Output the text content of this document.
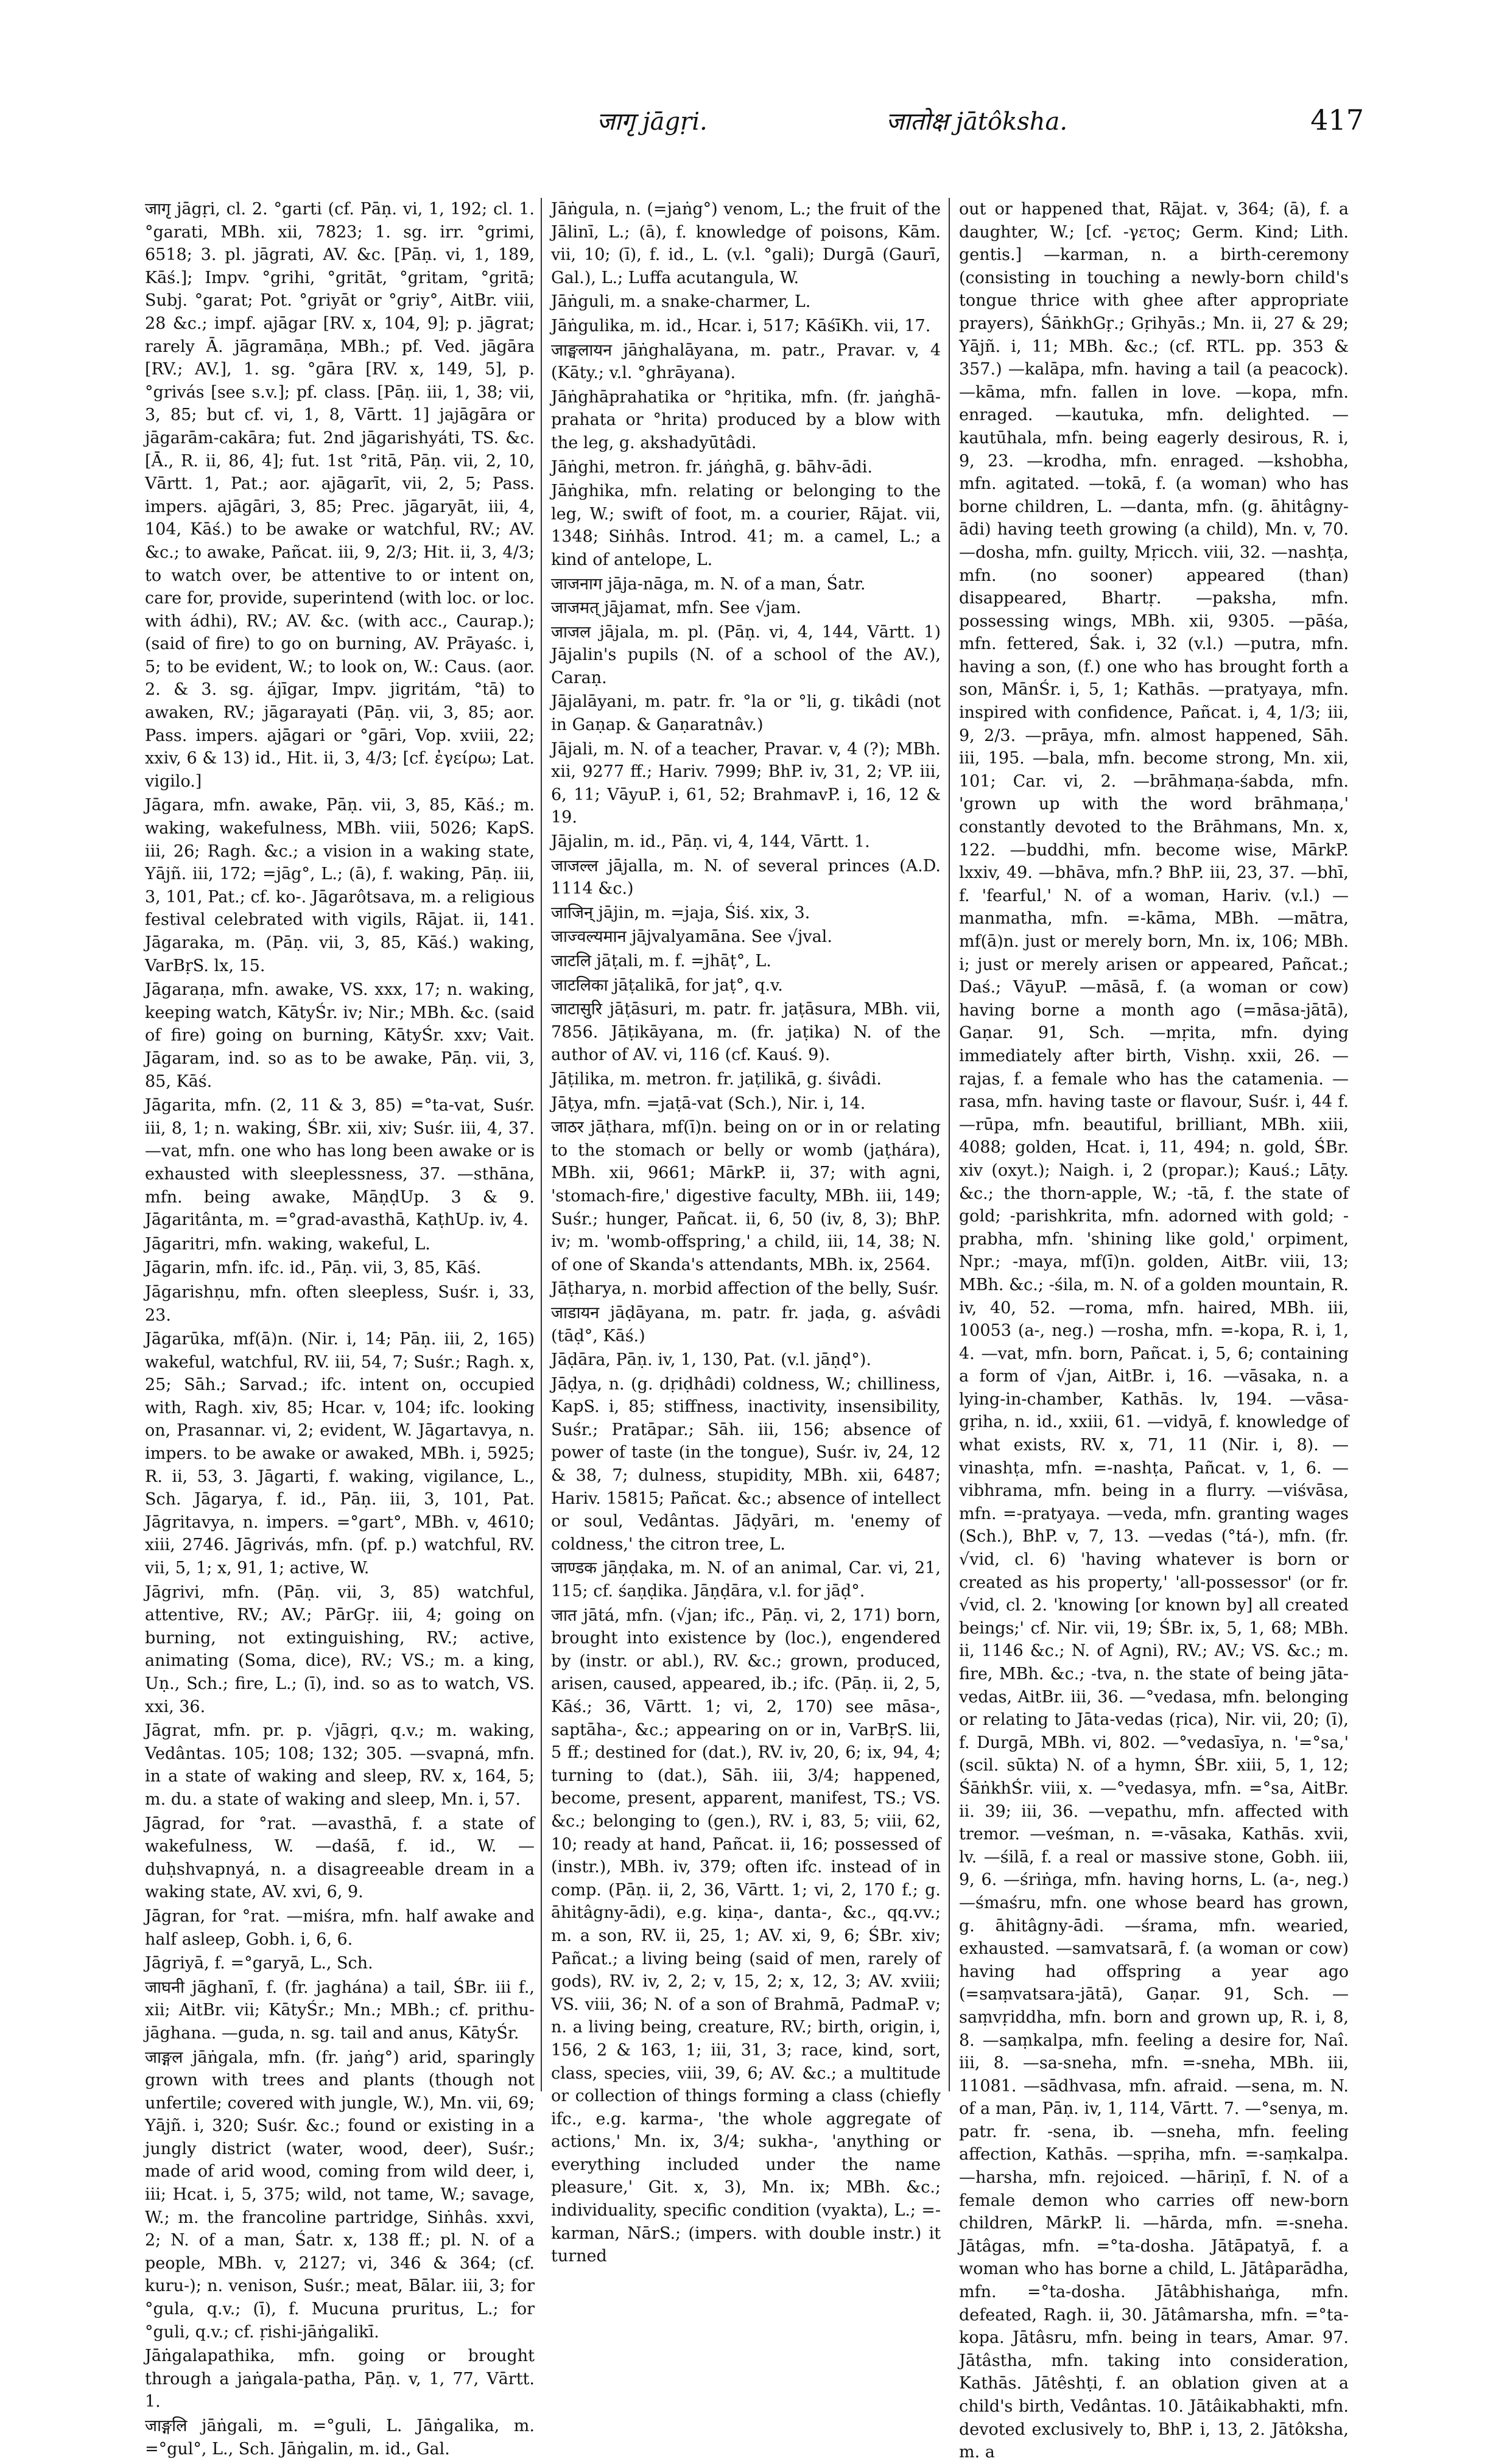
जागृ jāgṛi.	जातोक्ष jātôksha.	417

जागृ jāgṛi, cl. 2. °garti (cf. Pāṇ. vi, 1, 192; cl. 1. °garati, MBh. xii, 7823; 1. sg. irr. °grimi, 6518; 3. pl. jāgrati, AV. &c. [Pāṇ. vi, 1, 189, Kāś.]; Impv. °grihi, °gritāt, °gritam, °gritā; Subj. °garat; Pot. °griyāt or °griy°, AitBr. viii, 28 &c.; impf. ajāgar [RV. x, 104, 9]; p. jāgrat; rarely Ā. jāgramāṇa, MBh.; pf. Ved. jāgāra [RV.; AV.], 1. sg. °gāra [RV. x, 149, 5], p. °grivás [see s.v.]; pf. class. [Pāṇ. iii, 1, 38; vii, 3, 85; but cf. vi, 1, 8, Vārtt. 1] jajāgāra or jāgarām-cakāra; fut. 2nd jāgarishyáti, TS. &c. [Ā., R. ii, 86, 4]; fut. 1st °ritā, Pāṇ. vii, 2, 10, Vārtt. 1, Pat.; aor. ajāgarīt, vii, 2, 5; Pass. impers. ajāgāri, 3, 85; Prec. jāgaryāt, iii, 4, 104, Kāś.) to be awake or watchful, RV.; AV. &c.; to awake, Pañcat. iii, 9, 2/3; Hit. ii, 3, 4/3; to watch over, be attentive to or intent on, care for, provide, superintend (with loc. or loc. with ádhi), RV.; AV. &c. (with acc., Caurap.); (said of fire) to go on burning, AV. Prāyaśc. i, 5; to be evident, W.; to look on, W.: Caus. (aor. 2. & 3. sg. ájīgar, Impv. jigritám, °tā) to awaken, RV.; jāgarayati (Pāṇ. vii, 3, 85; aor. Pass. impers. ajāgari or °gāri, Vop. xviii, 22; xxiv, 6 & 13) id., Hit. ii, 3, 4/3; [cf. ἐγείρω; Lat. vigilo.]

Jāgara, mfn. awake, Pāṇ. vii, 3, 85, Kāś.; m. waking, wakefulness, MBh. viii, 5026; KapS. iii, 26; Ragh. &c.; a vision in a waking state, Yājñ. iii, 172; =jāg°, L.; (ā), f. waking, Pāṇ. iii, 3, 101, Pat.; cf. ko-. Jāgarôtsava, m. a religious festival celebrated with vigils, Rājat. ii, 141. Jāgaraka, m. (Pāṇ. vii, 3, 85, Kāś.) waking, VarBṛS. lx, 15.

Jāgaraṇa, mfn. awake, VS. xxx, 17; n. waking, keeping watch, KātyŚr. iv; Nir.; MBh. &c. (said of fire) going on burning, KātyŚr. xxv; Vait. Jāgaram, ind. so as to be awake, Pāṇ. vii, 3, 85, Kāś.

Jāgarita, mfn. (2, 11 & 3, 85) =°ta-vat, Suśr. iii, 8, 1; n. waking, ŚBr. xii, xiv; Suśr. iii, 4, 37. —vat, mfn. one who has long been awake or is exhausted with sleeplessness, 37. —sthāna, mfn. being awake, MāṇḍUp. 3 & 9. Jāgaritânta, m. =°grad-avasthā, KaṭhUp. iv, 4.

Jāgaritri, mfn. waking, wakeful, L.

Jāgarin, mfn. ifc. id., Pāṇ. vii, 3, 85, Kāś.

Jāgarishṇu, mfn. often sleepless, Suśr. i, 33, 23.

Jāgarūka, mf(ā)n. (Nir. i, 14; Pāṇ. iii, 2, 165) wakeful, watchful, RV. iii, 54, 7; Suśr.; Ragh. x, 25; Sāh.; Sarvad.; ifc. intent on, occupied with, Ragh. xiv, 85; Hcar. v, 104; ifc. looking on, Prasannar. vi, 2; evident, W. Jāgartavya, n. impers. to be awake or awaked, MBh. i, 5925; R. ii, 53, 3. Jāgarti, f. waking, vigilance, L., Sch. Jāgarya, f. id., Pāṇ. iii, 3, 101, Pat. Jāgritavya, n. impers. =°gart°, MBh. v, 4610; xiii, 2746. Jāgrivás, mfn. (pf. p.) watchful, RV. vii, 5, 1; x, 91, 1; active, W.

Jāgrivi, mfn. (Pāṇ. vii, 3, 85) watchful, attentive, RV.; AV.; PārGṛ. iii, 4; going on burning, not extinguishing, RV.; active, animating (Soma, dice), RV.; VS.; m. a king, Uṇ., Sch.; fire, L.; (ī), ind. so as to watch, VS. xxi, 36.

Jāgrat, mfn. pr. p. √jāgṛi, q.v.; m. waking, Vedântas. 105; 108; 132; 305. —svapná, mfn. in a state of waking and sleep, RV. x, 164, 5; m. du. a state of waking and sleep, Mn. i, 57.

Jāgrad, for °rat. —avasthā, f. a state of wakefulness, W. —daśā, f. id., W. —duḥshvapnyá, n. a disagreeable dream in a waking state, AV. xvi, 6, 9.

Jāgran, for °rat. —miśra, mfn. half awake and half asleep, Gobh. i, 6, 6.

Jāgriyā, f. =°garyā, L., Sch.

जाघनी jāghanī, f. (fr. jaghána) a tail, ŚBr. iii f., xii; AitBr. vii; KātyŚr.; Mn.; MBh.; cf. prithu-jāghana. —guda, n. sg. tail and anus, KātyŚr.

जाङ्गल jāṅgala, mfn. (fr. jaṅg°) arid, sparingly grown with trees and plants (though not unfertile; covered with jungle, W.), Mn. vii, 69; Yājñ. i, 320; Suśr. &c.; found or existing in a jungly district (water, wood, deer), Suśr.; made of arid wood, coming from wild deer, i, iii; Hcat. i, 5, 375; wild, not tame, W.; savage, W.; m. the francoline partridge, Siṅhâs. xxvi, 2; N. of a man, Śatr. x, 138 ff.; pl. N. of a people, MBh. v, 2127; vi, 346 & 364; (cf. kuru-); n. venison, Suśr.; meat, Bālar. iii, 3; for °gula, q.v.; (ī), f. Mucuna pruritus, L.; for °guli, q.v.; cf. ṛishi-jāṅgalikī.

Jāṅgalapathika, mfn. going or brought through a jaṅgala-patha, Pāṇ. v, 1, 77, Vārtt. 1.

जाङ्गलि jāṅgali, m. =°guli, L. Jāṅgalika, m. =°gul°, L., Sch. Jāṅgalin, m. id., Gal.

Jāṅgula, n. (=jaṅg°) venom, L.; the fruit of the Jālinī, L.; (ā), f. knowledge of poisons, Kām. vii, 10; (ī), f. id., L. (v.l. °gali); Durgā (Gaurī, Gal.), L.; Luffa acutangula, W.

Jāṅguli, m. a snake-charmer, L.

Jāṅgulika, m. id., Hcar. i, 517; KāśīKh. vii, 17.

जाङ्घलायन jāṅghalāyana, m. patr., Pravar. v, 4 (Kāty.; v.l. °ghrāyana).

Jāṅghāprahatika or °hṛitika, mfn. (fr. jaṅghā-prahata or °hrita) produced by a blow with the leg, g. akshadyūtâdi.

Jāṅghi, metron. fr. jáṅghā, g. bāhv-ādi.

Jāṅghika, mfn. relating or belonging to the leg, W.; swift of foot, m. a courier, Rājat. vii, 1348; Siṅhâs. Introd. 41; m. a camel, L.; a kind of antelope, L.

जाजनाग jāja-nāga, m. N. of a man, Śatr.

जाजमत् jājamat, mfn. See √jam.

जाजल jājala, m. pl. (Pāṇ. vi, 4, 144, Vārtt. 1) Jājalin's pupils (N. of a school of the AV.), Caraṇ.

Jājalāyani, m. patr. fr. °la or °li, g. tikâdi (not in Gaṇap. & Gaṇaratnâv.)

Jājali, m. N. of a teacher, Pravar. v, 4 (?); MBh. xii, 9277 ff.; Hariv. 7999; BhP. iv, 31, 2; VP. iii, 6, 11; VāyuP. i, 61, 52; BrahmavP. i, 16, 12 & 19.

Jājalin, m. id., Pāṇ. vi, 4, 144, Vārtt. 1.

जाजल्ल jājalla, m. N. of several princes (A.D. 1114 &c.)

जाजिन् jājin, m. =jaja, Śiś. xix, 3.

जाज्वल्यमान jājvalyamāna. See √jval.

जाटलि jāṭali, m. f. =jhāṭ°, L.

जाटलिका jāṭalikā, for jaṭ°, q.v.

जाटासुरि jāṭāsuri, m. patr. fr. jaṭāsura, MBh. vii, 7856. Jāṭikāyana, m. (fr. jaṭika) N. of the author of AV. vi, 116 (cf. Kauś. 9).

Jāṭilika, m. metron. fr. jaṭilikā, g. śivâdi.

Jāṭya, mfn. =jaṭā-vat (Sch.), Nir. i, 14.

जाठर jāṭhara, mf(ī)n. being on or in or relating to the stomach or belly or womb (jaṭhára), MBh. xii, 9661; MārkP. ii, 37; with agni, 'stomach-fire,' digestive faculty, MBh. iii, 149; Suśr.; hunger, Pañcat. ii, 6, 50 (iv, 8, 3); BhP. iv; m. 'womb-offspring,' a child, iii, 14, 38; N. of one of Skanda's attendants, MBh. ix, 2564.

Jāṭharya, n. morbid affection of the belly, Suśr.

जाडायन jāḍāyana, m. patr. fr. jaḍa, g. aśvâdi (tāḍ°, Kāś.)

Jāḍāra, Pāṇ. iv, 1, 130, Pat. (v.l. jāṇḍ°).

Jāḍya, n. (g. dṛiḍhâdi) coldness, W.; chilliness, KapS. i, 85; stiffness, inactivity, insensibility, Suśr.; Pratāpar.; Sāh. iii, 156; absence of power of taste (in the tongue), Suśr. iv, 24, 12 & 38, 7; dulness, stupidity, MBh. xii, 6487; Hariv. 15815; Pañcat. &c.; absence of intellect or soul, Vedântas. Jāḍyāri, m. 'enemy of coldness,' the citron tree, L.

जाण्डक jāṇḍaka, m. N. of an animal, Car. vi, 21, 115; cf. śaṇḍika. Jāṇḍāra, v.l. for jāḍ°.

जात jātá, mfn. (√jan; ifc., Pāṇ. vi, 2, 171) born, brought into existence by (loc.), engendered by (instr. or abl.), RV. &c.; grown, produced, arisen, caused, appeared, ib.; ifc. (Pāṇ. ii, 2, 5, Kāś.; 36, Vārtt. 1; vi, 2, 170) see māsa-, saptāha-, &c.; appearing on or in, VarBṛS. lii, 5 ff.; destined for (dat.), RV. iv, 20, 6; ix, 94, 4; turning to (dat.), Sāh. iii, 3/4; happened, become, present, apparent, manifest, TS.; VS. &c.; belonging to (gen.), RV. i, 83, 5; viii, 62, 10; ready at hand, Pañcat. ii, 16; possessed of (instr.), MBh. iv, 379; often ifc. instead of in comp. (Pāṇ. ii, 2, 36, Vārtt. 1; vi, 2, 170 f.; g. āhitâgny-ādi), e.g. kiṇa-, danta-, &c., qq.vv.; m. a son, RV. ii, 25, 1; AV. xi, 9, 6; ŚBr. xiv; Pañcat.; a living being (said of men, rarely of gods), RV. iv, 2, 2; v, 15, 2; x, 12, 3; AV. xviii; VS. viii, 36; N. of a son of Brahmā, PadmaP. v; n. a living being, creature, RV.; birth, origin, i, 156, 2 & 163, 1; iii, 31, 3; race, kind, sort, class, species, viii, 39, 6; AV. &c.; a multitude or collection of things forming a class (chiefly ifc., e.g. karma-, 'the whole aggregate of actions,' Mn. ix, 3/4; sukha-, 'anything or everything included under the name pleasure,' Git. x, 3), Mn. ix; MBh. &c.; individuality, specific condition (vyakta), L.; =-karman, NārS.; (impers. with double instr.) it turned

out or happened that, Rājat. v, 364; (ā), f. a daughter, W.; [cf. -γετος; Germ. Kind; Lith. gentis.] —karman, n. a birth-ceremony (consisting in touching a newly-born child's tongue thrice with ghee after appropriate prayers), ŚāṅkhGṛ.; Gṛihyās.; Mn. ii, 27 & 29; Yājñ. i, 11; MBh. &c.; (cf. RTL. pp. 353 & 357.) —kalāpa, mfn. having a tail (a peacock). —kāma, mfn. fallen in love. —kopa, mfn. enraged. —kautuka, mfn. delighted. —kautūhala, mfn. being eagerly desirous, R. i, 9, 23. —krodha, mfn. enraged. —kshobha, mfn. agitated. —tokā, f. (a woman) who has borne children, L. —danta, mfn. (g. āhitâgny-ādi) having teeth growing (a child), Mn. v, 70. —dosha, mfn. guilty, Mṛicch. viii, 32. —nashṭa, mfn. (no sooner) appeared (than) disappeared, Bhartṛ. —paksha, mfn. possessing wings, MBh. xii, 9305. —pāśa, mfn. fettered, Śak. i, 32 (v.l.) —putra, mfn. having a son, (f.) one who has brought forth a son, MānŚr. i, 5, 1; Kathās. —pratyaya, mfn. inspired with confidence, Pañcat. i, 4, 1/3; iii, 9, 2/3. —prāya, mfn. almost happened, Sāh. iii, 195. —bala, mfn. become strong, Mn. xii, 101; Car. vi, 2. —brāhmaṇa-śabda, mfn. 'grown up with the word brāhmaṇa,' constantly devoted to the Brāhmans, Mn. x, 122. —buddhi, mfn. become wise, MārkP. lxxiv, 49. —bhāva, mfn.? BhP. iii, 23, 37. —bhī, f. 'fearful,' N. of a woman, Hariv. (v.l.) —manmatha, mfn. =-kāma, MBh. —mātra, mf(ā)n. just or merely born, Mn. ix, 106; MBh. i; just or merely arisen or appeared, Pañcat.; Daś.; VāyuP. —māsā, f. (a woman or cow) having borne a month ago (=māsa-jātā), Gaṇar. 91, Sch. —mṛita, mfn. dying immediately after birth, Vishṇ. xxii, 26. —rajas, f. a female who has the catamenia. —rasa, mfn. having taste or flavour, Suśr. i, 44 f. —rūpa, mfn. beautiful, brilliant, MBh. xiii, 4088; golden, Hcat. i, 11, 494; n. gold, ŚBr. xiv (oxyt.); Naigh. i, 2 (propar.); Kauś.; Lāṭy. &c.; the thorn-apple, W.; -tā, f. the state of gold; -parishkrita, mfn. adorned with gold; -prabha, mfn. 'shining like gold,' orpiment, Npr.; -maya, mf(ī)n. golden, AitBr. viii, 13; MBh. &c.; -śila, m. N. of a golden mountain, R. iv, 40, 52. —roma, mfn. haired, MBh. iii, 10053 (a-, neg.) —rosha, mfn. =-kopa, R. i, 1, 4. —vat, mfn. born, Pañcat. i, 5, 6; containing a form of √jan, AitBr. i, 16. —vāsaka, n. a lying-in-chamber, Kathās. lv, 194. —vāsa-gṛiha, n. id., xxiii, 61. —vidyā, f. knowledge of what exists, RV. x, 71, 11 (Nir. i, 8). —vinashṭa, mfn. =-nashṭa, Pañcat. v, 1, 6. —vibhrama, mfn. being in a flurry. —viśvāsa, mfn. =-pratyaya. —veda, mfn. granting wages (Sch.), BhP. v, 7, 13. —vedas (°tá-), mfn. (fr. √vid, cl. 6) 'having whatever is born or created as his property,' 'all-possessor' (or fr. √vid, cl. 2. 'knowing [or known by] all created beings;' cf. Nir. vii, 19; ŚBr. ix, 5, 1, 68; MBh. ii, 1146 &c.; N. of Agni), RV.; AV.; VS. &c.; m. fire, MBh. &c.; -tva, n. the state of being jāta-vedas, AitBr. iii, 36. —°vedasa, mfn. belonging or relating to Jāta-vedas (ṛica), Nir. vii, 20; (ī), f. Durgā, MBh. vi, 802. —°vedasīya, n. '=°sa,' (scil. sūkta) N. of a hymn, ŚBr. xiii, 5, 1, 12; ŚāṅkhŚr. viii, x. —°vedasya, mfn. =°sa, AitBr. ii. 39; iii, 36. —vepathu, mfn. affected with tremor. —veśman, n. =-vāsaka, Kathās. xvii, lv. —śilā, f. a real or massive stone, Gobh. iii, 9, 6. —śriṅga, mfn. having horns, L. (a-, neg.) —śmaśru, mfn. one whose beard has grown, g. āhitâgny-ādi. —śrama, mfn. wearied, exhausted. —samvatsarā, f. (a woman or cow) having had offspring a year ago (=saṃvatsara-jātā), Gaṇar. 91, Sch. —saṃvṛiddha, mfn. born and grown up, R. i, 8, 8. —saṃkalpa, mfn. feeling a desire for, Naî. iii, 8. —sa-sneha, mfn. =-sneha, MBh. iii, 11081. —sādhvasa, mfn. afraid. —sena, m. N. of a man, Pāṇ. iv, 1, 114, Vārtt. 7. —°senya, m. patr. fr. -sena, ib. —sneha, mfn. feeling affection, Kathās. —spṛiha, mfn. =-saṃkalpa. —harsha, mfn. rejoiced. —hāriṇī, f. N. of a female demon who carries off new-born children, MārkP. li. —hārda, mfn. =-sneha. Jātâgas, mfn. =°ta-dosha. Jātāpatyā, f. a woman who has borne a child, L. Jātâparādha, mfn. =°ta-dosha. Jātâbhishaṅga, mfn. defeated, Ragh. ii, 30. Jātâmarsha, mfn. =°ta-kopa. Jātâsru, mfn. being in tears, Amar. 97. Jātâstha, mfn. taking into consideration, Kathās. Jātêshṭi, f. an oblation given at a child's birth, Vedântas. 10. Jātâikabhakti, mfn. devoted exclusively to, BhP. i, 13, 2. Jātôksha, m. a
